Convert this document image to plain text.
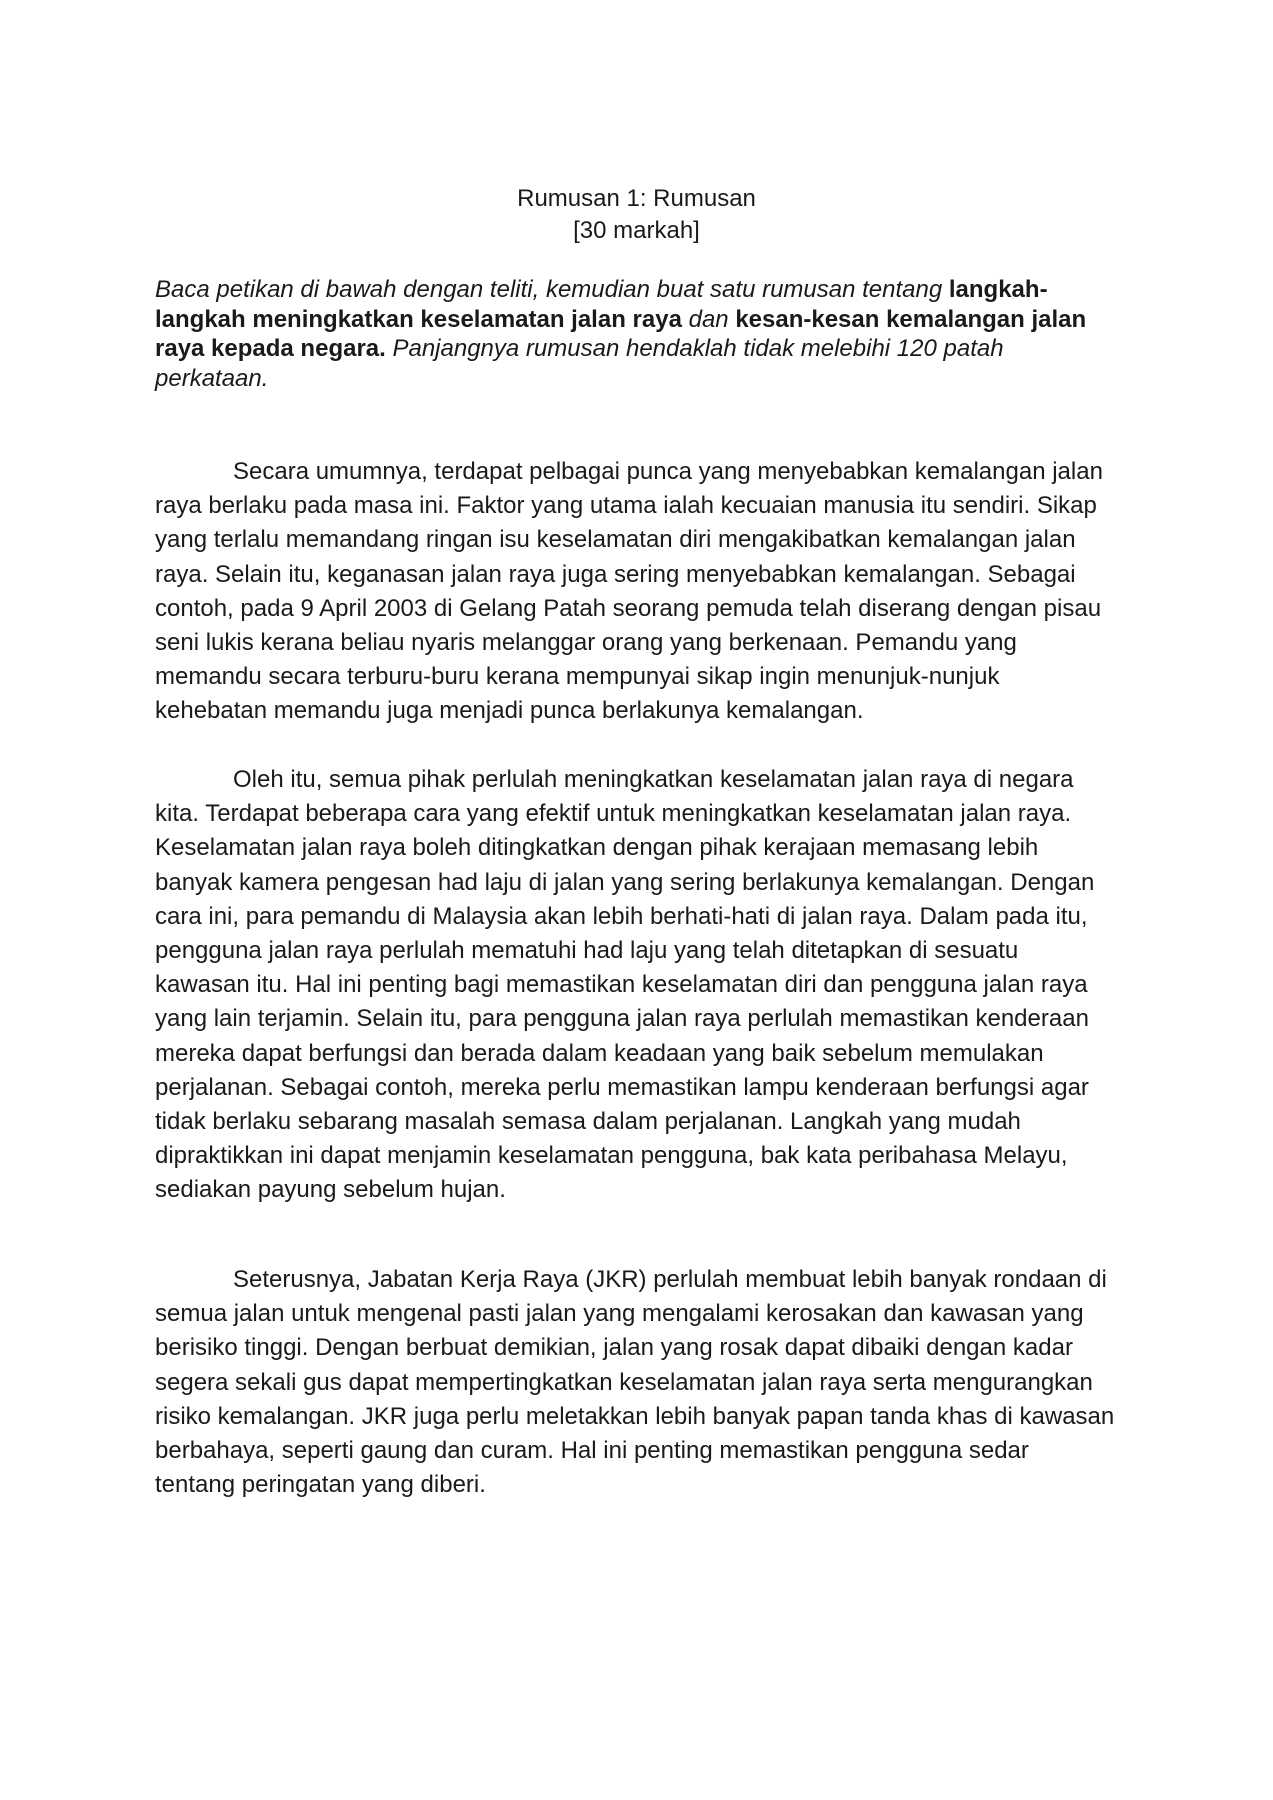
Rumusan 1: Rumusan
[30 markah]

Baca petikan di bawah dengan teliti, kemudian buat satu rumusan tentang langkah-langkah meningkatkan keselamatan jalan raya dan kesan-kesan kemalangan jalan raya kepada negara. Panjangnya rumusan hendaklah tidak melebihi 120 patah perkataan.

Secara umumnya, terdapat pelbagai punca yang menyebabkan kemalangan jalan raya berlaku pada masa ini. Faktor yang utama ialah kecuaian manusia itu sendiri. Sikap yang terlalu memandang ringan isu keselamatan diri mengakibatkan kemalangan jalan raya. Selain itu, keganasan jalan raya juga sering menyebabkan kemalangan. Sebagai contoh, pada 9 April 2003 di Gelang Patah seorang pemuda telah diserang dengan pisau seni lukis kerana beliau nyaris melanggar orang yang berkenaan. Pemandu yang memandu secara terburu-buru kerana mempunyai sikap ingin menunjuk-nunjuk kehebatan memandu juga menjadi punca berlakunya kemalangan.

Oleh itu, semua pihak perlulah meningkatkan keselamatan jalan raya di negara kita. Terdapat beberapa cara yang efektif untuk meningkatkan keselamatan jalan raya. Keselamatan jalan raya boleh ditingkatkan dengan pihak kerajaan memasang lebih banyak kamera pengesan had laju di jalan yang sering berlakunya kemalangan. Dengan cara ini, para pemandu di Malaysia akan lebih berhati-hati di jalan raya. Dalam pada itu, pengguna jalan raya perlulah mematuhi had laju yang telah ditetapkan di sesuatu kawasan itu. Hal ini penting bagi memastikan keselamatan diri dan pengguna jalan raya yang lain terjamin. Selain itu, para pengguna jalan raya perlulah memastikan kenderaan mereka dapat berfungsi dan berada dalam keadaan yang baik sebelum memulakan perjalanan. Sebagai contoh, mereka perlu memastikan lampu kenderaan berfungsi agar tidak berlaku sebarang masalah semasa dalam perjalanan. Langkah yang mudah dipraktikkan ini dapat menjamin keselamatan pengguna, bak kata peribahasa Melayu, sediakan payung sebelum hujan.

Seterusnya, Jabatan Kerja Raya (JKR) perlulah membuat lebih banyak rondaan di semua jalan untuk mengenal pasti jalan yang mengalami kerosakan dan kawasan yang berisiko tinggi. Dengan berbuat demikian, jalan yang rosak dapat dibaiki dengan kadar segera sekali gus dapat mempertingkatkan keselamatan jalan raya serta mengurangkan risiko kemalangan. JKR juga perlu meletakkan lebih banyak papan tanda khas di kawasan berbahaya, seperti gaung dan curam. Hal ini penting memastikan pengguna sedar tentang peringatan yang diberi.
